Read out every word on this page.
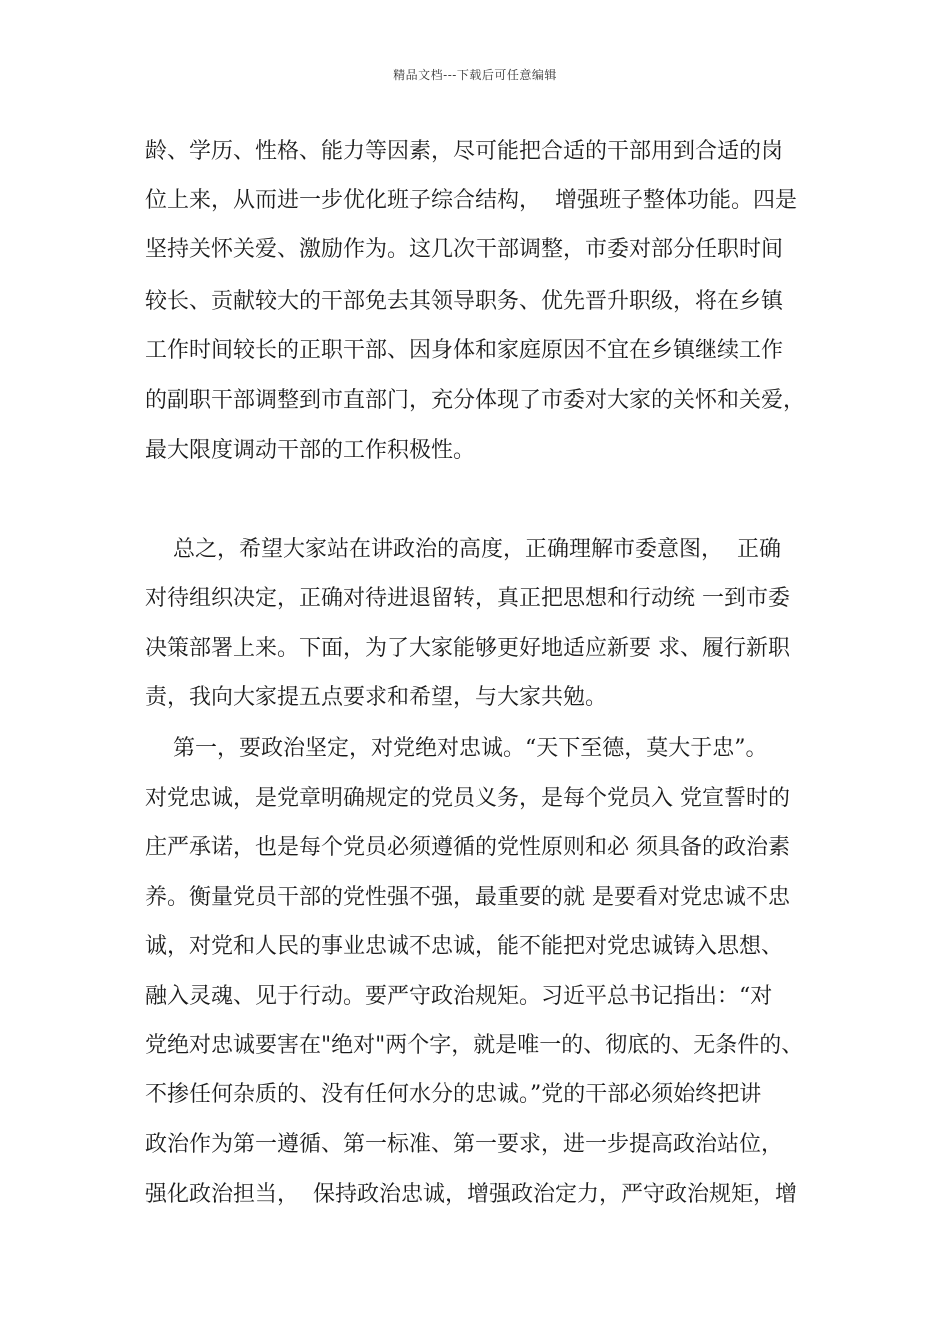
精品文档---下载后可任意编辑
龄、学历、性格、能力等因素，尽可能把合适的干部用到合适的岗
位上来，从而进一步优化班子综合结构，  增强班子整体功能。四是
坚持关怀关爱、激励作为。这几次干部调整，市委对部分任职时间
较长、贡献较大的干部免去其领导职务、优先晋升职级，将在乡镇
工作时间较长的正职干部、因身体和家庭原因不宜在乡镇继续工作
的副职干部调整到市直部门，充分体现了市委对大家的关怀和关爱，
最大限度调动干部的工作积极性。
总之，希望大家站在讲政治的高度，正确理解市委意图，  正确
对待组织决定，正确对待进退留转，真正把思想和行动统 一到市委
决策部署上来。下面，为了大家能够更好地适应新要 求、履行新职
责，我向大家提五点要求和希望，与大家共勉。
第一，要政治坚定，对党绝对忠诚。“天下至德，莫大于忠”。
对党忠诚，是党章明确规定的党员义务，是每个党员入 党宣誓时的
庄严承诺，也是每个党员必须遵循的党性原则和必 须具备的政治素
养。衡量党员干部的党性强不强，最重要的就 是要看对党忠诚不忠
诚，对党和人民的事业忠诚不忠诚，能不能把对党忠诚铸入思想、
融入灵魂、见于行动。要严守政治规矩。习近平总书记指出：“对
党绝对忠诚要害在"绝对"两个字，就是唯一的、彻底的、无条件的、
不掺任何杂质的、没有任何水分的忠诚。”党的干部必须始终把讲
政治作为第一遵循、第一标准、第一要求，进一步提高政治站位，
强化政治担当，  保持政治忠诚，增强政治定力，严守政治规矩，增
